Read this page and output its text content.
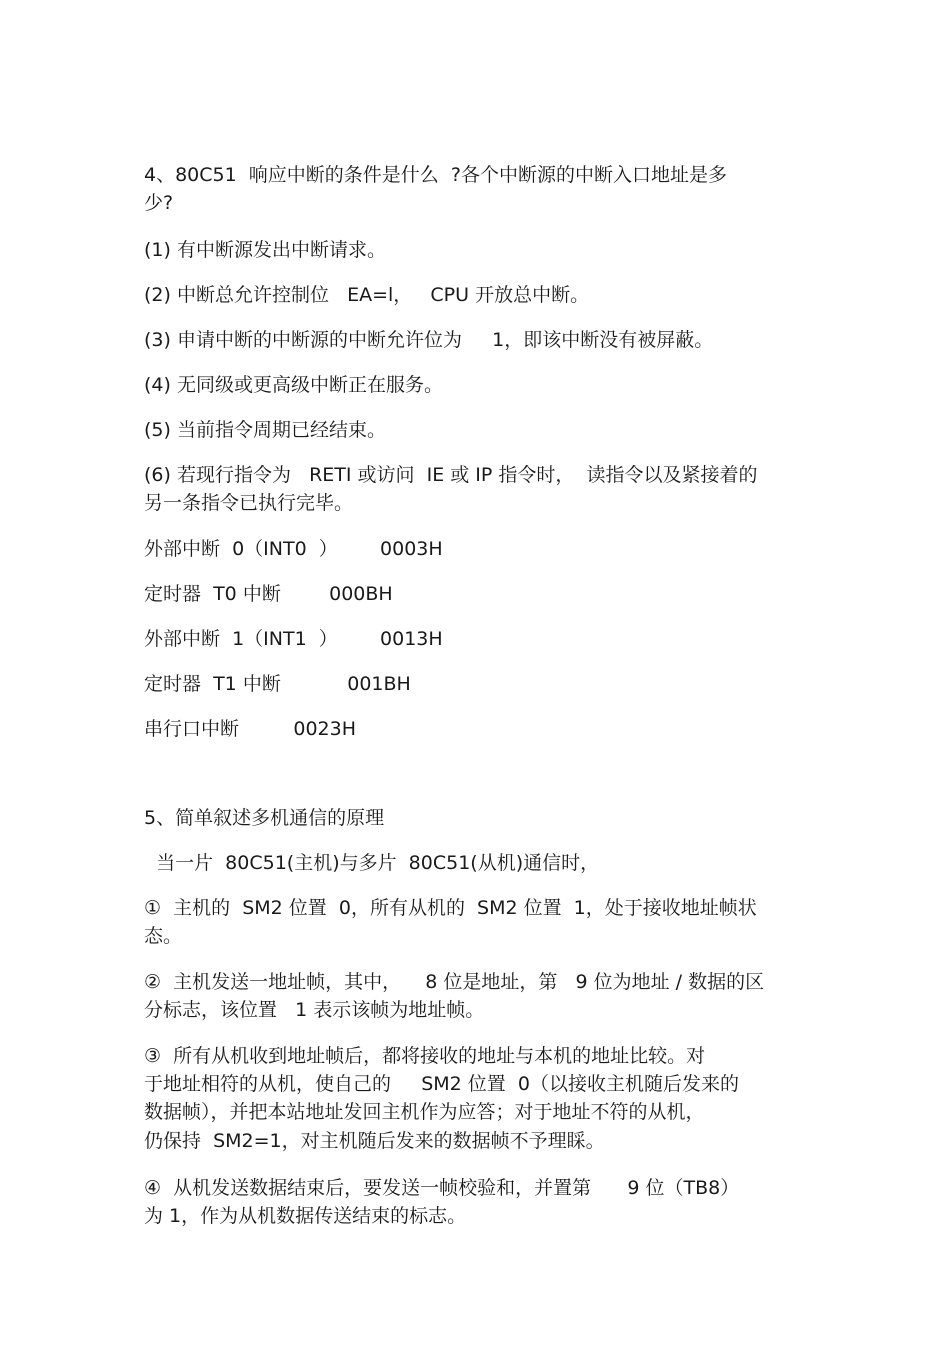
4、80C51  响应中断的条件是什么  ?各个中断源的中断入口地址是多

少?

(1) 有中断源发出中断请求。

(2) 中断总允许控制位   EA=l，   CPU 开放总中断。

(3) 申请中断的中断源的中断允许位为     1，即该中断没有被屏蔽。

(4) 无同级或更高级中断正在服务。

(5) 当前指令周期已经结束。

(6) 若现行指令为   RETI 或访问  IE 或 IP 指令时，  读指令以及紧接着的

另一条指令已执行完毕。

外部中断  0（INT0  ）       0003H

定时器  T0 中断        000BH

外部中断  1（INT1  ）       0013H

定时器  T1 中断           001BH

串行口中断         0023H

5、简单叙述多机通信的原理

当一片  80C51(主机)与多片  80C51(从机)通信时，

①  主机的  SM2 位置  0，所有从机的  SM2 位置  1，处于接收地址帧状

态。

②  主机发送一地址帧，其中，    8 位是地址，第   9 位为地址 / 数据的区

分标志，该位置   1 表示该帧为地址帧。

③  所有从机收到地址帧后，都将接收的地址与本机的地址比较。对

于地址相符的从机，使自己的     SM2 位置  0（以接收主机随后发来的

数据帧），并把本站地址发回主机作为应答；对于地址不符的从机，

仍保持  SM2=1，对主机随后发来的数据帧不予理睬。

④  从机发送数据结束后，要发送一帧校验和，并置第      9 位（TB8）

为 1，作为从机数据传送结束的标志。
